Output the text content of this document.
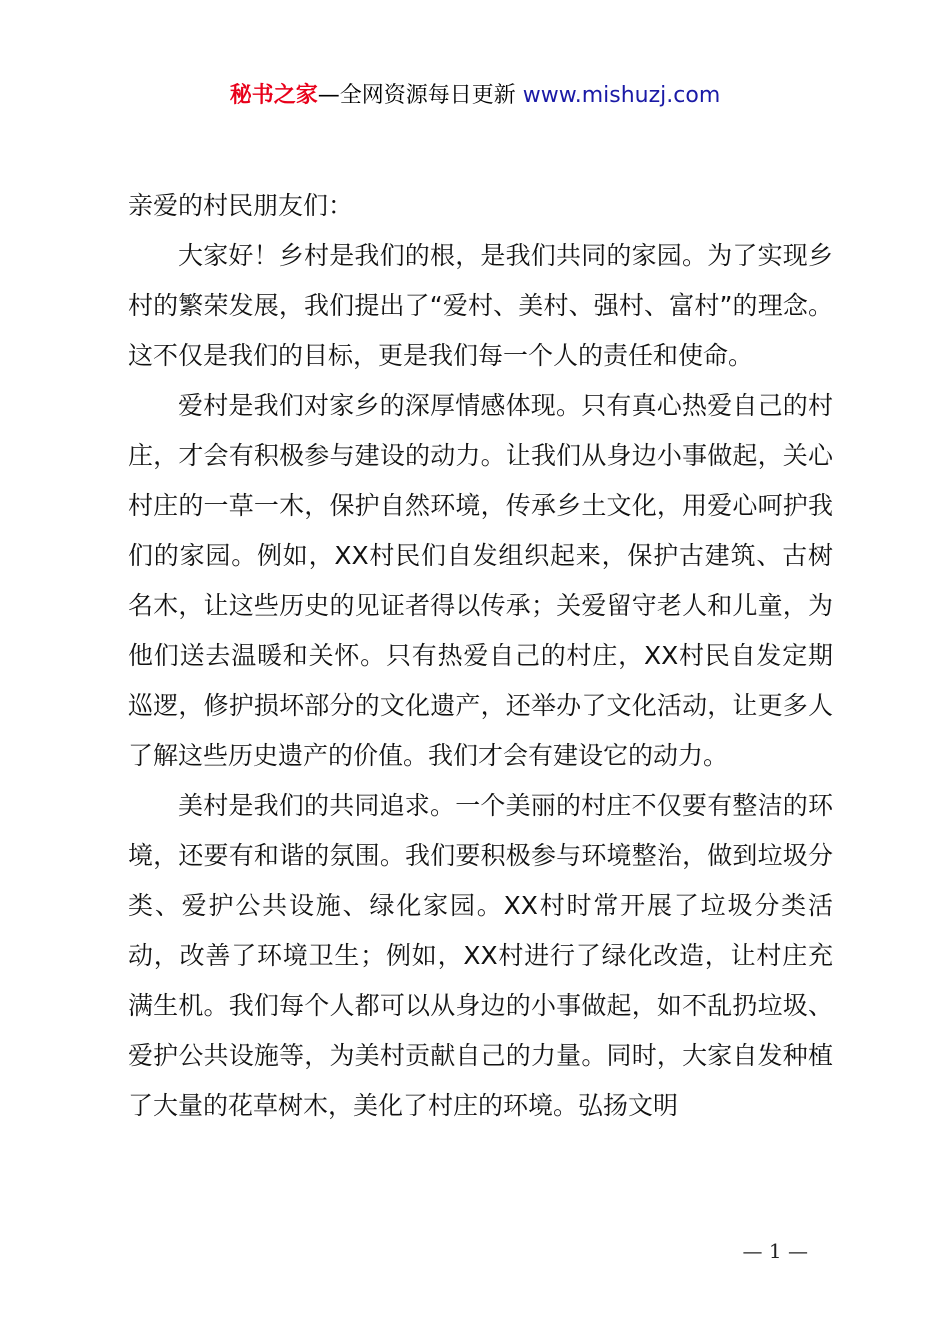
秘书之家—全网资源每日更新 www.mishuzj.com

亲爱的村民朋友们：

大家好！乡村是我们的根，是我们共同的家园。为了实现乡村的繁荣发展，我们提出了“爱村、美村、强村、富村”的理念。这不仅是我们的目标，更是我们每一个人的责任和使命。

爱村是我们对家乡的深厚情感体现。只有真心热爱自己的村庄，才会有积极参与建设的动力。让我们从身边小事做起，关心村庄的一草一木，保护自然环境，传承乡土文化，用爱心呵护我们的家园。例如，XX村民们自发组织起来，保护古建筑、古树名木，让这些历史的见证者得以传承；关爱留守老人和儿童，为他们送去温暖和关怀。只有热爱自己的村庄，XX村民自发定期巡逻，修护损坏部分的文化遗产，还举办了文化活动，让更多人了解这些历史遗产的价值。我们才会有建设它的动力。

美村是我们的共同追求。一个美丽的村庄不仅要有整洁的环境，还要有和谐的氛围。我们要积极参与环境整治，做到垃圾分类、爱护公共设施、绿化家园。XX村时常开展了垃圾分类活动，改善了环境卫生；例如，XX村进行了绿化改造，让村庄充满生机。我们每个人都可以从身边的小事做起，如不乱扔垃圾、爱护公共设施等，为美村贡献自己的力量。同时，大家自发种植了大量的花草树木，美化了村庄的环境。弘扬文明

— 1 —
